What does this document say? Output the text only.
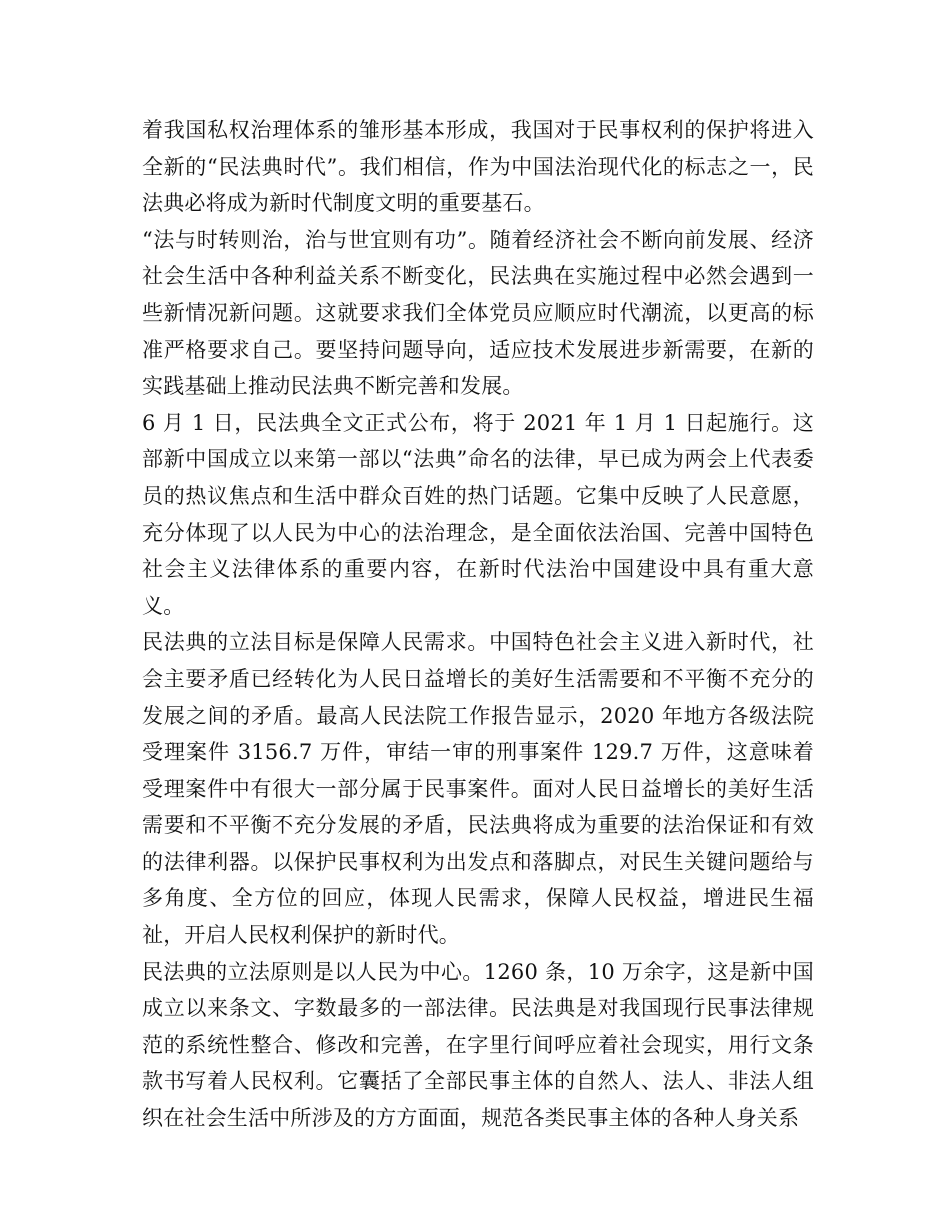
着我国私权治理体系的雏形基本形成，我国对于民事权利的保护将进入全新的“民法典时代”。我们相信，作为中国法治现代化的标志之一，民法典必将成为新时代制度文明的重要基石。

“法与时转则治，治与世宜则有功”。随着经济社会不断向前发展、经济社会生活中各种利益关系不断变化，民法典在实施过程中必然会遇到一些新情况新问题。这就要求我们全体党员应顺应时代潮流，以更高的标准严格要求自己。要坚持问题导向，适应技术发展进步新需要，在新的实践基础上推动民法典不断完善和发展。

6 月 1 日，民法典全文正式公布，将于 2021 年 1 月 1 日起施行。这部新中国成立以来第一部以“法典”命名的法律，早已成为两会上代表委员的热议焦点和生活中群众百姓的热门话题。它集中反映了人民意愿，充分体现了以人民为中心的法治理念，是全面依法治国、完善中国特色社会主义法律体系的重要内容，在新时代法治中国建设中具有重大意义。

民法典的立法目标是保障人民需求。中国特色社会主义进入新时代，社会主要矛盾已经转化为人民日益增长的美好生活需要和不平衡不充分的发展之间的矛盾。最高人民法院工作报告显示，2020 年地方各级法院受理案件 3156.7 万件，审结一审的刑事案件 129.7 万件，这意味着受理案件中有很大一部分属于民事案件。面对人民日益增长的美好生活需要和不平衡不充分发展的矛盾，民法典将成为重要的法治保证和有效的法律利器。以保护民事权利为出发点和落脚点，对民生关键问题给与多角度、全方位的回应，体现人民需求，保障人民权益，增进民生福祉，开启人民权利保护的新时代。

民法典的立法原则是以人民为中心。1260 条，10 万余字，这是新中国成立以来条文、字数最多的一部法律。民法典是对我国现行民事法律规范的系统性整合、修改和完善，在字里行间呼应着社会现实，用行文条款书写着人民权利。它囊括了全部民事主体的自然人、法人、非法人组织在社会生活中所涉及的方方面面，规范各类民事主体的各种人身关系
